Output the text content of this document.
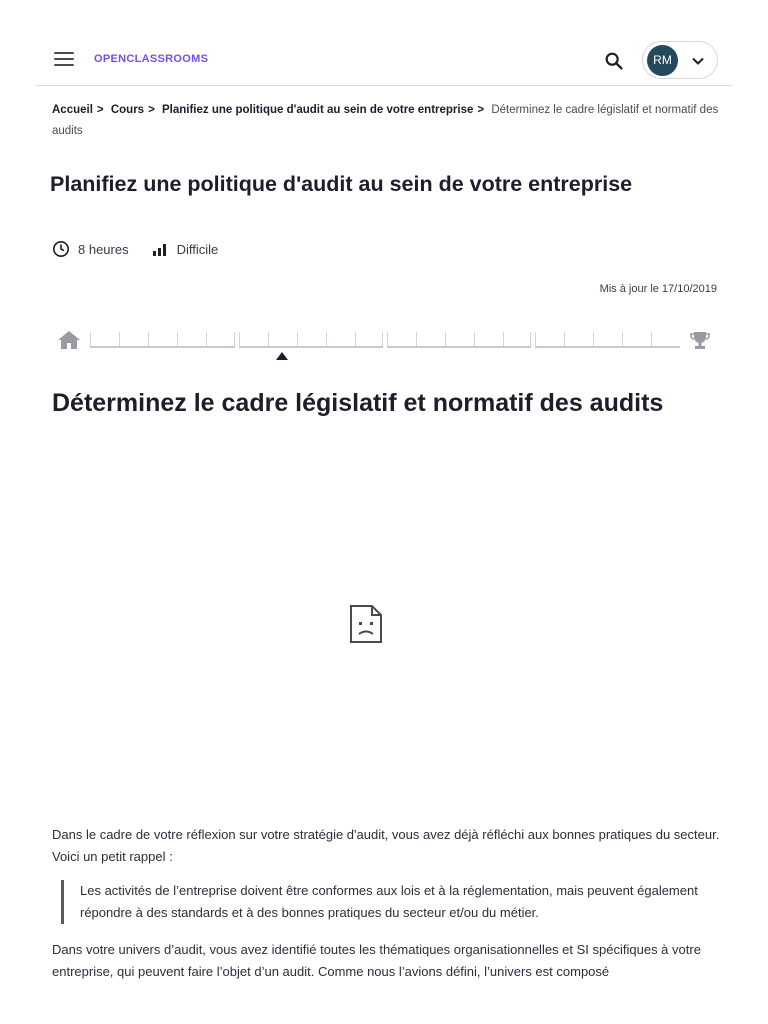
OPENCLASSROOMS	RM
Accueil > Cours > Planifiez une politique d'audit au sein de votre entreprise > Déterminez le cadre législatif et normatif des audits
Planifiez une politique d'audit au sein de votre entreprise
8 heures	Difficile
Mis à jour le 17/10/2019
Déterminez le cadre législatif et normatif des audits

Dans le cadre de votre réflexion sur votre stratégie d'audit, vous avez déjà réfléchi aux bonnes pratiques du secteur. Voici un petit rappel :

Les activités de l’entreprise doivent être conformes aux lois et à la réglementation, mais peuvent également répondre à des standards et à des bonnes pratiques du secteur et/ou du métier.

Dans votre univers d’audit, vous avez identifié toutes les thématiques organisationnelles et SI spécifiques à votre entreprise, qui peuvent faire l’objet d’un audit. Comme nous l’avions défini, l’univers est composé
